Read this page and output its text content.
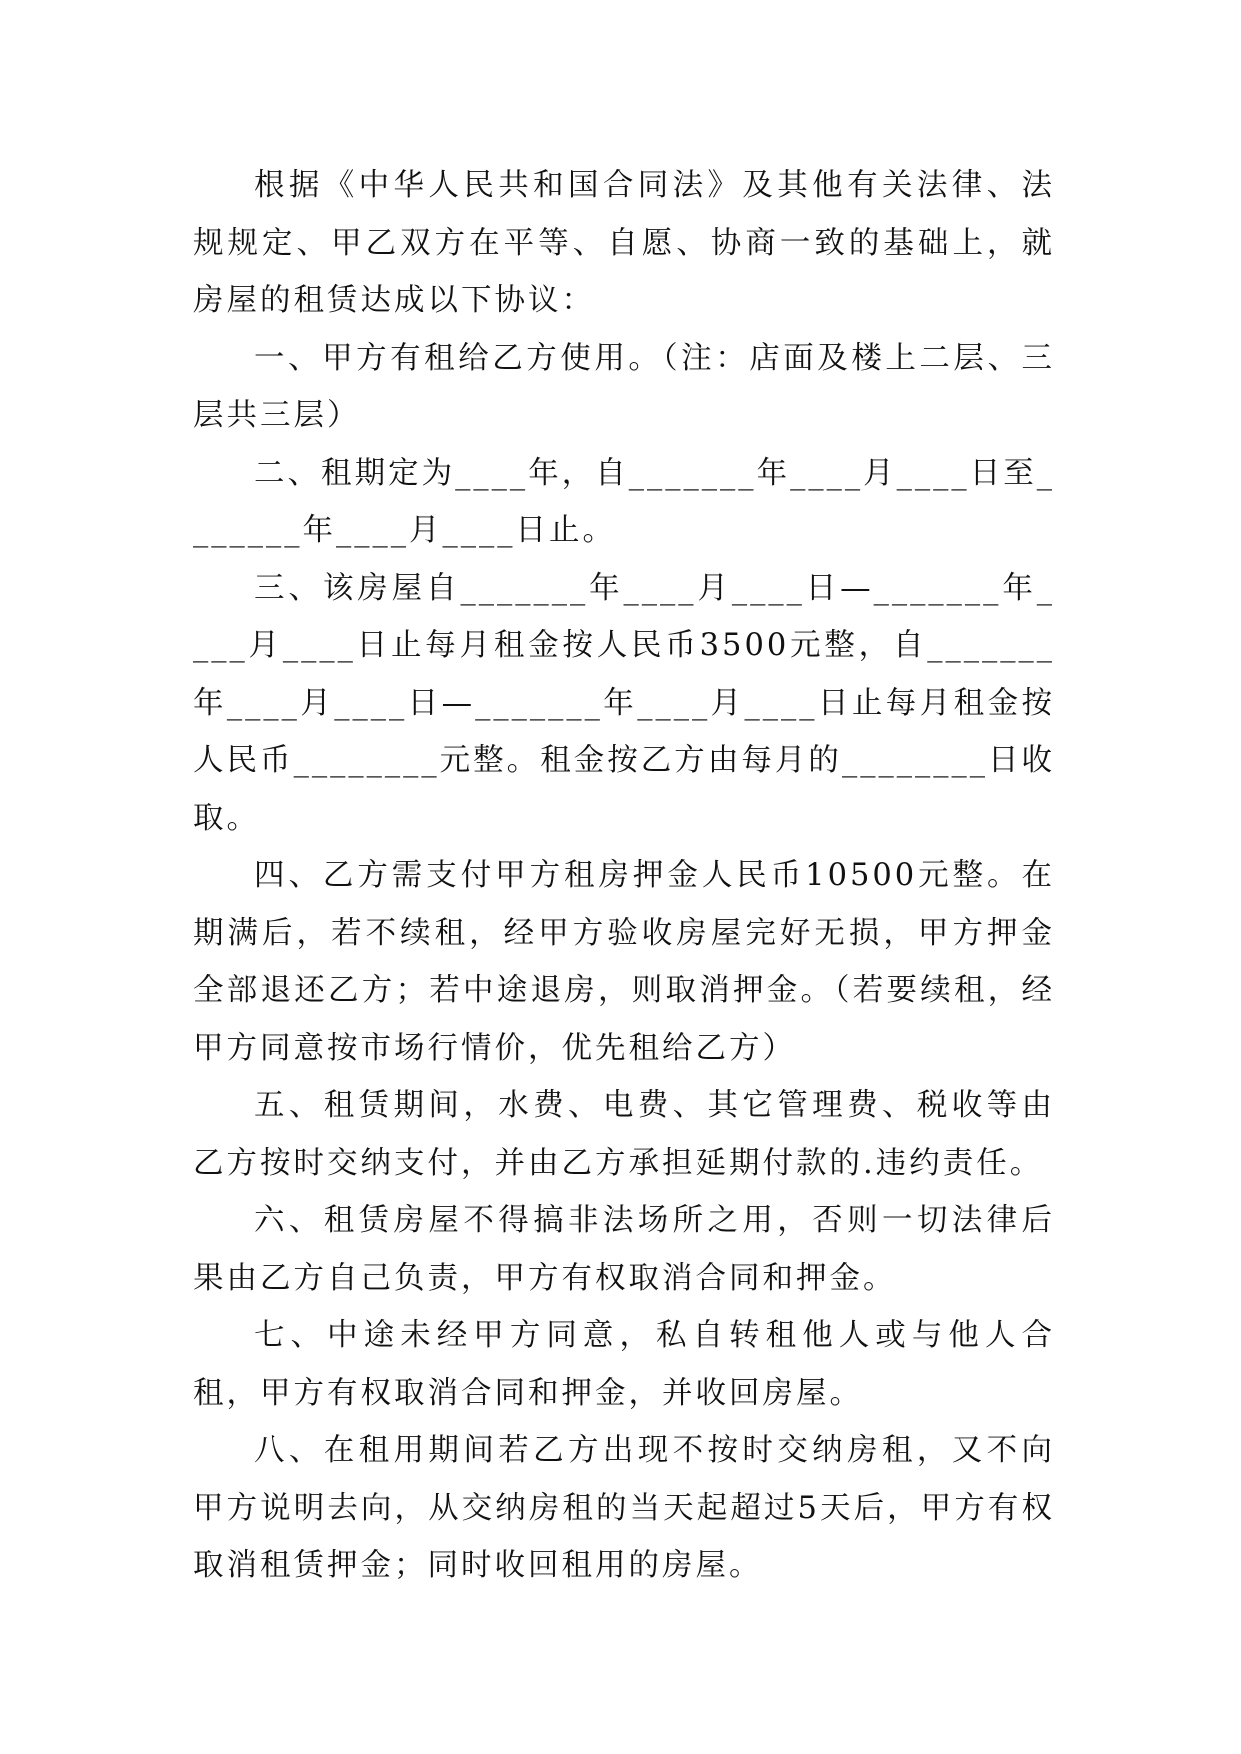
根据《中华人民共和国合同法》及其他有关法律、法规规定、甲乙双方在平等、自愿、协商一致的基础上，就房屋的租赁达成以下协议：

一、甲方有租给乙方使用。（注：店面及楼上二层、三层共三层）

二、租期定为____年，自_______年____月____日至_______年____月____日止。

三、该房屋自_______年____月____日—_______年____月____日止每月租金按人民币3500元整，自_______年____月____日—_______年____月____日止每月租金按人民币________元整。租金按乙方由每月的________日收取。

四、乙方需支付甲方租房押金人民币10500元整。在期满后，若不续租，经甲方验收房屋完好无损，甲方押金全部退还乙方；若中途退房，则取消押金。（若要续租，经甲方同意按市场行情价，优先租给乙方）

五、租赁期间，水费、电费、其它管理费、税收等由乙方按时交纳支付，并由乙方承担延期付款的.违约责任。

六、租赁房屋不得搞非法场所之用，否则一切法律后果由乙方自己负责，甲方有权取消合同和押金。

七、中途未经甲方同意，私自转租他人或与他人合租，甲方有权取消合同和押金，并收回房屋。

八、在租用期间若乙方出现不按时交纳房租，又不向甲方说明去向，从交纳房租的当天起超过5天后，甲方有权取消租赁押金；同时收回租用的房屋。
